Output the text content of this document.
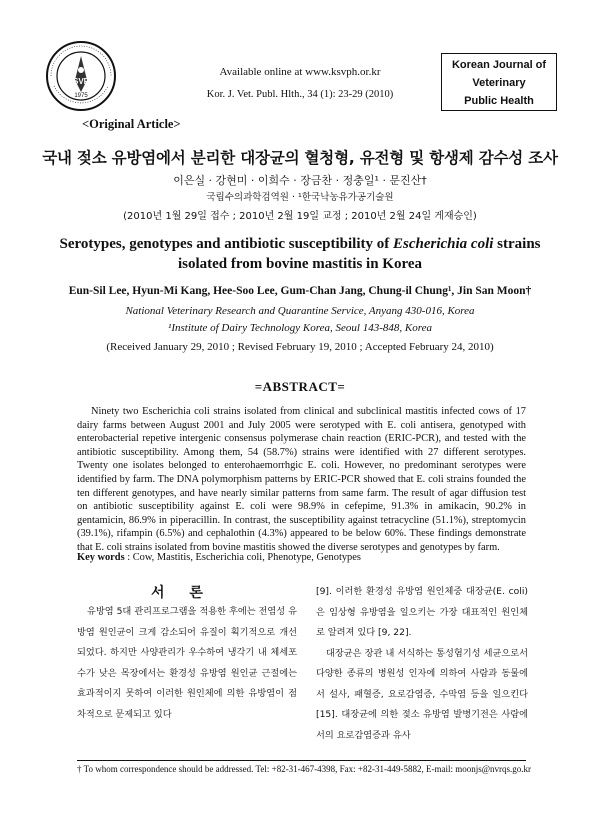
KSVPH
1975
Available online at www.ksvph.or.kr
Kor. J. Vet. Publ. Hlth., 34 (1): 23-29 (2010)
Korean Journal of
Veterinary
Public Health
<Original Article>
국내 젖소 유방염에서 분리한 대장균의 혈청형, 유전형 및 항생제 감수성 조사
이은실 · 강현미 · 이희수 · 장금찬 · 정충일¹ · 문진산†
국립수의과학검역원 · ¹한국낙농유가공기술원
(2010년 1월 29일 접수 ; 2010년 2월 19일 교정 ; 2010년 2월 24일 게재승인)
Serotypes, genotypes and antibiotic susceptibility of Escherichia coli strains
isolated from bovine mastitis in Korea
Eun-Sil Lee, Hyun-Mi Kang, Hee-Soo Lee, Gum-Chan Jang, Chung-il Chung¹, Jin San Moon†
National Veterinary Research and Quarantine Service, Anyang 430-016, Korea
¹Institute of Dairy Technology Korea, Seoul 143-848, Korea
(Received January 29, 2010 ; Revised February 19, 2010 ; Accepted February 24, 2010)
=ABSTRACT=

Ninety two Escherichia coli strains isolated from clinical and subclinical mastitis infected cows of 17 dairy farms between August 2001 and July 2005 were serotyped with E. coli antisera, genotyped with enterobacterial repetive intergenic consensus polymerase chain reaction (ERIC-PCR), and tested with the antibiotic susceptibility. Among them, 54 (58.7%) strains were identified with 27 different serotypes. Twenty one isolates belonged to enterohaemorrhgic E. coli. However, no predominant serotypes were identified by farm. The DNA polymorphism patterns by ERIC-PCR showed that E. coli strains founded the ten different genotypes, and have nearly similar patterns from same farm. The result of agar diffusion test on antibiotic susceptibility against E. coli were 98.9% in cefepime, 91.3% in amikacin, 90.2% in gentamicin, 86.9% in piperacillin. In contrast, the susceptibility against tetracycline (51.1%), streptomycin (39.1%), rifampin (6.5%) and cephalothin (4.3%) appeared to be below 60%. These findings demonstrate that E. coli strains isolated from bovine mastitis showed the diverse serotypes and genotypes by farm.

Key words : Cow, Mastitis, Escherichia coli, Phenotype, Genotypes
서 론

유방염 5대 관리프로그램을 적용한 후에는 전염성 유방염 원인균이 크게 감소되어 유질이 획기적으로 개선되었다. 하지만 사양관리가 우수하여 냉각기 내 체세포수가 낮은 목장에서는 환경성 유방염 원인균 근절에는 효과적이지 못하여 이러한 원인체에 의한 유방염이 점차적으로 문제되고 있다

[9]. 이러한 환경성 유방염 원인체중 대장균(E. coli)은 임상형 유방염을 일으키는 가장 대표적인 원인체로 알려져 있다 [9, 22].

대장균은 장관 내 서식하는 통성혐기성 세균으로서 다양한 종류의 병원성 인자에 의하여 사람과 동물에서 설사, 패혈증, 요로감염증, 수막염 등을 일으킨다 [15]. 대장균에 의한 젖소 유방염 발병기전은 사람에서의 요로감염증과 유사

† To whom correspondence should be addressed. Tel: +82-31-467-4398, Fax: +82-31-449-5882, E-mail: moonjs@nvrqs.go.kr
